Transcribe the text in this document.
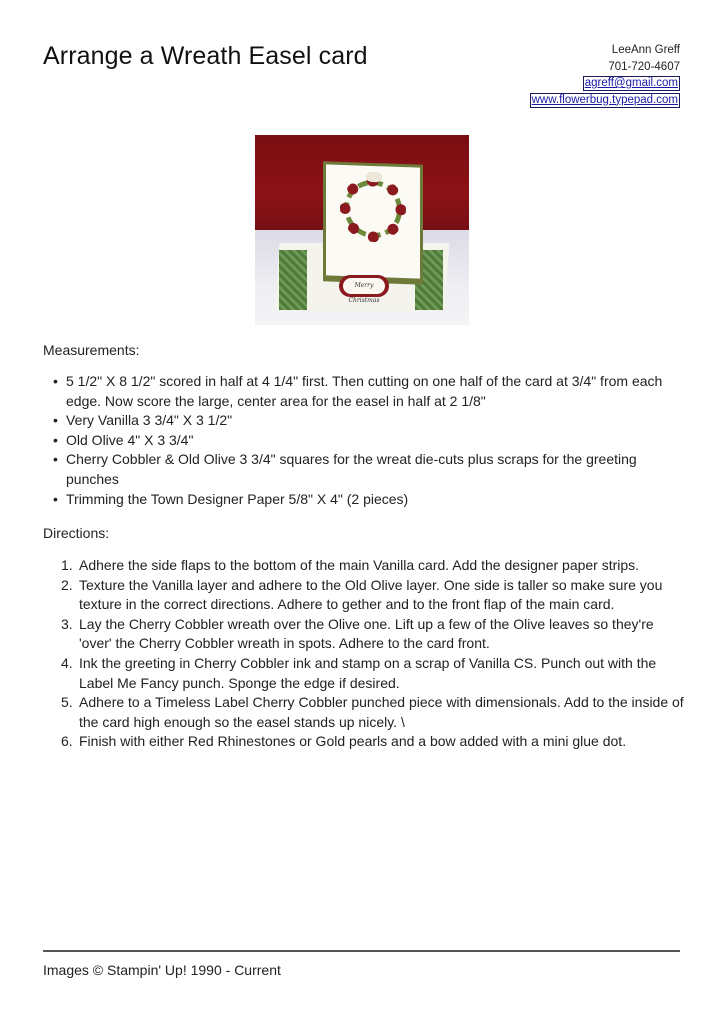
Arrange a Wreath Easel card	LeeAnn Greff
701-720-4607
agreff@gmail.com
www.flowerbug.typepad.com
Merry Christmas
Measurements:
• 5 1/2" X 8 1/2" scored in half at 4 1/4" first. Then cutting on one half of the card at 3/4" from each edge. Now score the large, center area for the easel in half at 2 1/8"
• Very Vanilla 3 3/4" X 3 1/2"
• Old Olive 4" X 3 3/4"
• Cherry Cobbler & Old Olive 3 3/4" squares for the wreat die-cuts plus scraps for the greeting punches
• Trimming the Town Designer Paper 5/8" X 4" (2 pieces)
Directions:
1. Adhere the side flaps to the bottom of the main Vanilla card. Add the designer paper strips.
2. Texture the Vanilla layer and adhere to the Old Olive layer. One side is taller so make sure you texture in the correct directions. Adhere to gether and to the front flap of the main card.
3. Lay the Cherry Cobbler wreath over the Olive one. Lift up a few of the Olive leaves so they're 'over' the Cherry Cobbler wreath in spots. Adhere to the card front.
4. Ink the greeting in Cherry Cobbler ink and stamp on a scrap of Vanilla CS. Punch out with the Label Me Fancy punch. Sponge the edge if desired.
5. Adhere to a Timeless Label Cherry Cobbler punched piece with dimensionals. Add to the inside of the card high enough so the easel stands up nicely. \
6. Finish with either Red Rhinestones or Gold pearls and a bow added with a mini glue dot.
Images © Stampin' Up! 1990 - Current
